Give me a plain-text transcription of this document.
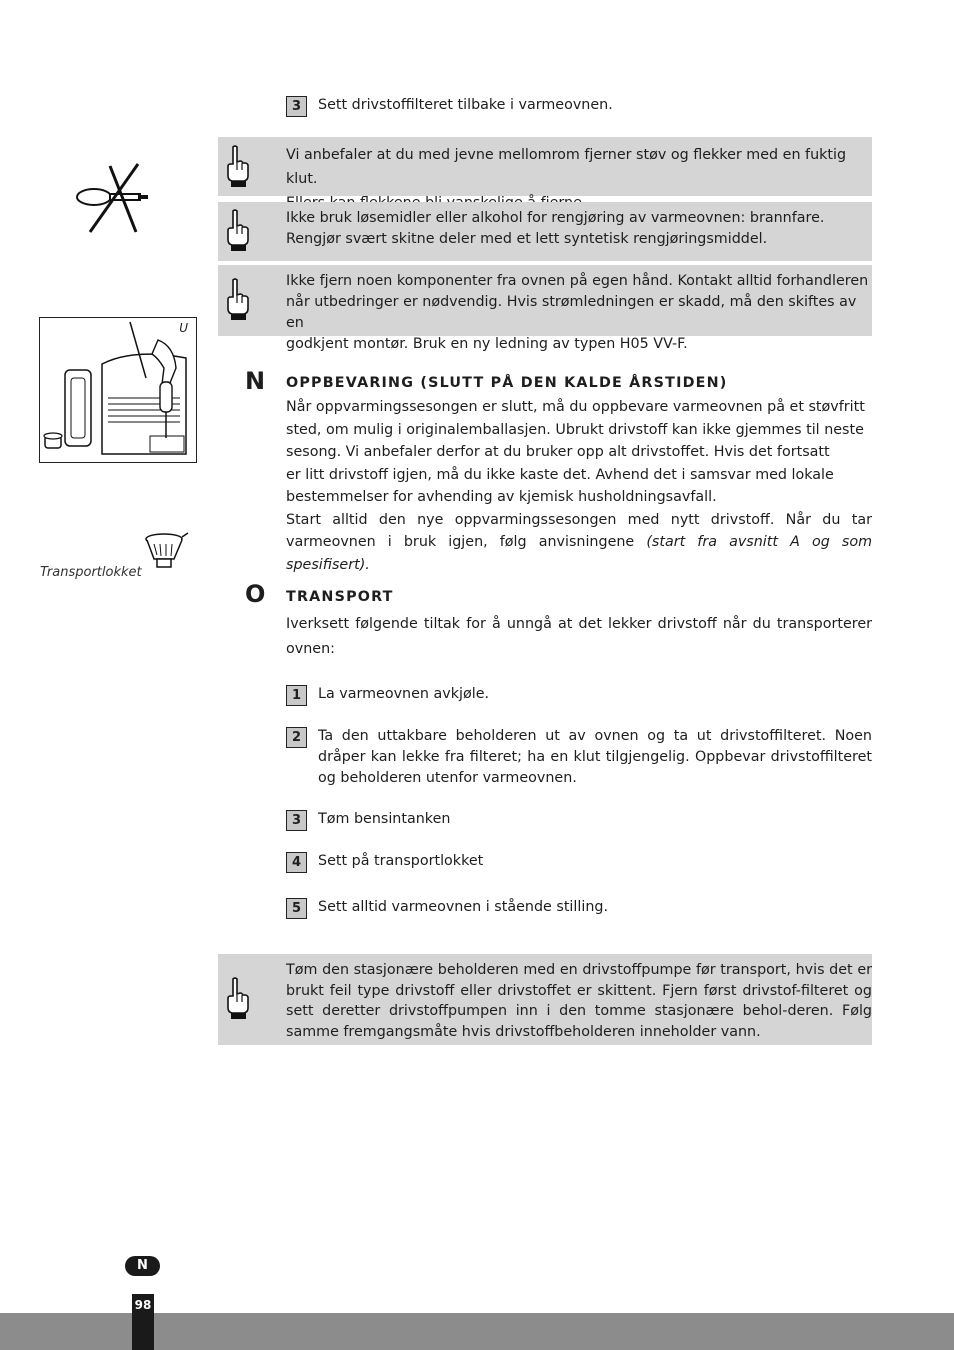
3	Sett drivstoffilteret tilbake i varmeovnen.
Vi anbefaler at du med jevne mellomrom fjerner støv og flekker med en fuktig klut.
Ikke bruk løsemidler eller alkohol for rengjøring av varmeovnen: brannfare.
Rengjør svært skitne deler med et lett syntetisk rengjøringsmiddel.
Ikke fjern noen komponenter fra ovnen på egen hånd. Kontakt alltid forhandleren
når utbedringer er nødvendig. Hvis strømledningen er skadd, må den skiftes av en
godkjent montør. Bruk en ny ledning av typen H05 VV-F.
U
Transportlokket
N OPPBEVARING (SLUTT PÅ DEN KALDE ÅRSTIDEN)
Når oppvarmingssesongen er slutt, må du oppbevare varmeovnen på et støvfritt
sted, om mulig i originalemballasjen. Ubrukt drivstoff kan ikke gjemmes til neste
sesong. Vi anbefaler derfor at du bruker opp alt drivstoffet. Hvis det fortsatt
er litt drivstoff igjen, må du ikke kaste det. Avhend det i samsvar med lokale
bestemmelser for avhending av kjemisk husholdningsavfall.
Start alltid den nye oppvarmingssesongen med nytt drivstoff. Når du tar varmeovnen i bruk igjen, følg anvisningene (start fra avsnitt A og som spesifisert).
O TRANSPORT
Iverksett følgende tiltak for å unngå at det lekker drivstoff når du transporterer ovnen:
1	La varmeovnen avkjøle.
2	Ta den uttakbare beholderen ut av ovnen og ta ut drivstoffilteret. Noen dråper kan lekke fra filteret; ha en klut tilgjengelig. Oppbevar drivstoffilteret og beholderen utenfor varmeovnen.
3	Tøm bensintanken
4	Sett på transportlokket
5	Sett alltid varmeovnen i stående stilling.
Tøm den stasjonære beholderen med en drivstoffpumpe før transport, hvis det er brukt feil type drivstoff eller drivstoffet er skittent. Fjern først drivstof-filteret og sett deretter drivstoffpumpen inn i den tomme stasjonære behol-deren. Følg samme fremgangsmåte hvis drivstoffbeholderen inneholder vann.
N
98
